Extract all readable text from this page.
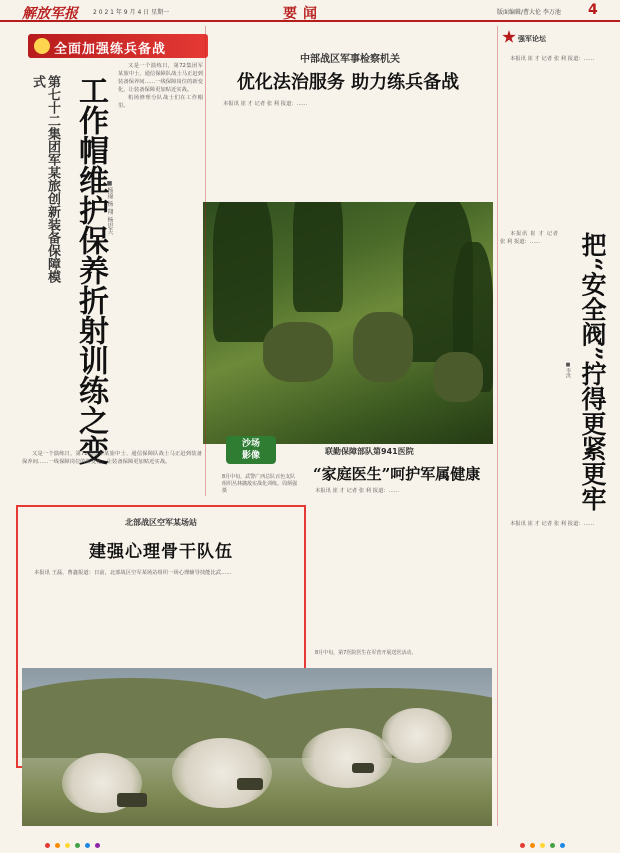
解放军报	2 0 2 1 年 9 月 4 日 星期一	要闻	版面编辑/曹大伦 李万池 4
全面加强练兵备战
第七十二集团军某旅创新装备保障模式 工作帽维护保养折射训练之变
■杨锦 杨 翔 杨思夫

又是一个演练日，第72集团军某旅中士、通信保障队战士马正赶到装备保养间……一线保障岗位的新变化，让装备保障更加贴近实战。

机场修理分队战士们在工作帽里。

又是一个演练日，第72集团军某旅中士、通信保障队战士马正赶到装备保养间……一线保障岗位的新变化，让装备保障更加贴近实战。

中部战区军事检察机关
优化法治服务 助力练兵备战

本报讯 崔 才 记者 张 利 报道：……

沙场
影像
8月中旬，武警广西总队百色支队组织丛林擒敌实战化训练。周炳强 摄
联勤保障部队第941医院
“家庭医生”呵护军属健康

本报讯 崔 才 记者 张 利 报道：……

8月中旬，第7医院医生在军营开展送医活动。
强军论坛

本报讯 崔 才 记者 张 利 报道：……

把“安全阀”拧得更紧更牢
■李洪

本报讯 崔 才 记者 张 利 报道：……

本报讯 崔 才 记者 张 利 报道：……

北部战区空军某场站
建强心理骨干队伍

本报讯 王磊、曹鑫报道：日前，北部战区空军某场站组织一场心理辅导技能比武……
